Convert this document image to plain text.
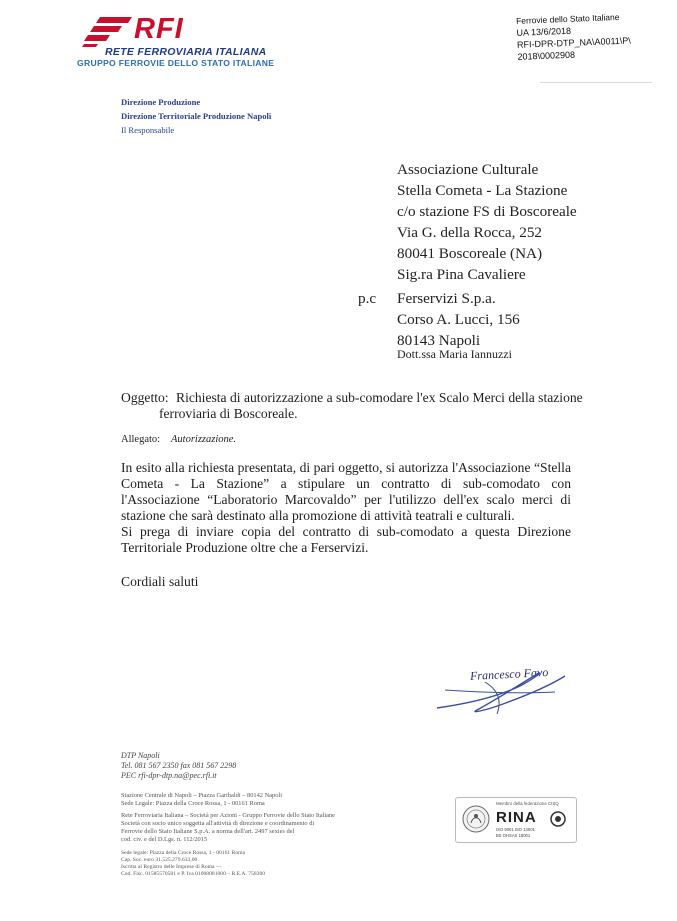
RFI
RETE FERROVIARIA ITALIANA
GRUPPO FERROVIE DELLO STATO ITALIANE
Ferrovie dello Stato Italiane
UA 13/6/2018
RFI-DPR-DTP_NA\A0011\P\
2018\0002908
Direzione Produzione
Direzione Territoriale Produzione Napoli
Il Responsabile
Associazione Culturale
Stella Cometa - La Stazione
c/o stazione FS di Boscoreale
Via G. della Rocca, 252
80041 Boscoreale (NA)
Sig.ra Pina Cavaliere
p.c Ferservizi S.p.a.
Corso A. Lucci, 156
80143 Napoli
Dott.ssa Maria Iannuzzi
Oggetto: Richiesta di autorizzazione a sub-comodare l'ex Scalo Merci della stazione
ferroviaria di Boscoreale.
Allegato: Autorizzazione.
In esito alla richiesta presentata, di pari oggetto, si autorizza l'Associazione “Stella Cometa - La Stazione” a stipulare un contratto di sub-comodato con l'Associazione “Laboratorio Marcovaldo” per l'utilizzo dell'ex scalo merci di stazione che sarà destinato alla promozione di attività teatrali e culturali.
Si prega di inviare copia del contratto di sub-comodato a questa Direzione Territoriale Produzione oltre che a Ferservizi.
Cordiali saluti
Francesco Favo
DTP Napoli
Tel. 081 567 2350 fax 081 567 2298
PEC rfi-dpr-dtp.na@pec.rfi.it
Stazione Centrale di Napoli – Piazza Garibaldi – 80142 Napoli
Sede Legale: Piazza della Croce Rossa, 1 - 00161 Roma
Rete Ferroviaria Italiana – Società per Azioni - Gruppo Ferrovie dello Stato Italiane
Società con socio unico soggetta all'attività di direzione e coordinamento di
Ferrovie dello Stato Italiane S.p.A. a norma dell'art. 2497 sexies del
cod. civ. e del D.Lgs. n. 112/2015
Sede legale: Piazza della Croce Rossa, 1 - 00161 Roma
Cap. Soc. euro 31.525.279.633,00
Iscritta al Registro delle Imprese di Roma —
Cod. Fisc. 01585570581 e P. Iva 01008081000 – R.E.A. 758300
Membro della federazione CISQ
RINA
ISO 9001 ISO 14001
BS OHSAS 18001
